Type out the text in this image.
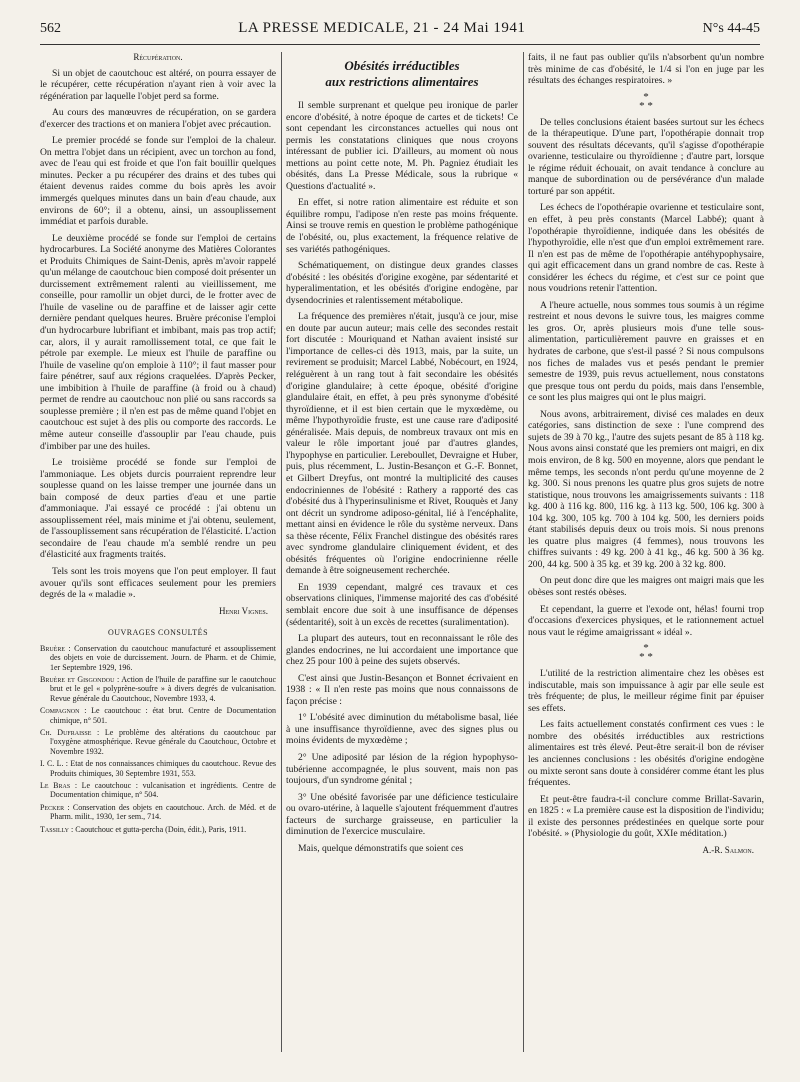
562	LA PRESSE MEDICALE, 21 - 24 Mai 1941	N°s 44-45
Récupération.

Si un objet de caoutchouc est altéré, on pourra essayer de le récupérer, cette récupération n'ayant rien à voir avec la régénération par laquelle l'objet perd sa forme.

Au cours des manœuvres de récupération, on se gardera d'exercer des tractions et on maniera l'objet avec précaution.

Le premier procédé se fonde sur l'emploi de la chaleur. On mettra l'objet dans un récipient, avec un torchon au fond, avec de l'eau qui est froide et que l'on fait bouillir quelques minutes. Pecker a pu récupérer des drains et des tubes qui étaient devenus raides comme du bois après les avoir immergés quelques minutes dans un bain d'eau chaude, aux environs de 60°; il a obtenu, ainsi, un assouplissement immédiat et parfois durable.

Le deuxième procédé se fonde sur l'emploi de certains hydrocarbures. La Société anonyme des Matières Colorantes et Produits Chimiques de Saint-Denis, après m'avoir rappelé qu'un mélange de caoutchouc bien composé doit présenter un durcissement extrêmement ralenti au vieillissement, me conseille, pour ramollir un objet durci, de le frotter avec de l'huile de vaseline ou de paraffine et de laisser agir cette dernière pendant quelques heures. Bruère préconise l'emploi d'un hydrocarbure lubrifiant et imbibant, mais pas trop actif; car, alors, il y aurait ramollissement total, ce que fait le pétrole par exemple. Le mieux est l'huile de paraffine ou l'huile de vaseline qu'on emploie à 110°; il faut masser pour faire pénétrer, sauf aux régions craquelées. D'après Pecker, une imbibition à l'huile de paraffine (à froid ou à chaud) permet de rendre au caoutchouc non plié ou sans raccords sa souplesse première ; il n'en est pas de même quand l'objet en caoutchouc est sujet à des plis ou comporte des raccords. Le même auteur conseille d'assouplir par l'eau chaude, puis d'imbiber par une des huiles.

Le troisième procédé se fonde sur l'emploi de l'ammoniaque. Les objets durcis pourraient reprendre leur souplesse quand on les laisse tremper une journée dans un bain composé de deux parties d'eau et une partie d'ammoniaque. J'ai essayé ce procédé : j'ai obtenu un assouplissement réel, mais minime et j'ai obtenu, seulement, de l'assouplissement sans récupération de l'élasticité. L'action secondaire de l'eau chaude m'a semblé rendre un peu d'élasticité aux fragments traités.

Tels sont les trois moyens que l'on peut employer. Il faut avouer qu'ils sont efficaces seulement pour les premiers degrés de la « maladie ».

Henri Vignes.
OUVRAGES CONSULTÉS
Bruère : Conservation du caoutchouc manufacturé et assouplissement des objets en voie de durcissement. Journ. de Pharm. et de Chimie, 1er Septembre 1929, 196.
Bruère et Gisgondou : Action de l'huile de paraffine sur le caoutchouc brut et le gel « polyprène-soufre » à divers degrés de vulcanisation. Revue générale du Caoutchouc, Novembre 1933, 4.
Compagnon : Le caoutchouc : état brut. Centre de Documentation chimique, n° 501.
Ch. Dufraisse : Le problème des altérations du caoutchouc par l'oxygène atmosphérique. Revue générale du Caoutchouc, Octobre et Novembre 1932.
I. C. L. : Etat de nos connaissances chimiques du caoutchouc. Revue des Produits chimiques, 30 Septembre 1931, 553.
Le Bras : Le caoutchouc : vulcanisation et ingrédients. Centre de Documentation chimique, n° 504.
Pecker : Conservation des objets en caoutchouc. Arch. de Méd. et de Pharm. milit., 1930, 1er sem., 714.
Tassilly : Caoutchouc et gutta-percha (Doin, édit.), Paris, 1911.
Obésités irréductibles
aux restrictions alimentaires

Il semble surprenant et quelque peu ironique de parler encore d'obésité, à notre époque de cartes et de tickets! Ce sont cependant les circonstances actuelles qui nous ont permis les constatations cliniques que nous croyons intéressant de publier ici. D'ailleurs, au moment où nous mettions au point cette note, M. Ph. Pagniez étudiait les obésités, dans La Presse Médicale, sous la rubrique « Questions d'actualité ».

En effet, si notre ration alimentaire est réduite et son équilibre rompu, l'adipose n'en reste pas moins fréquente. Ainsi se trouve remis en question le problème pathogénique de l'obésité, ou, plus exactement, la fréquence relative de ses variétés pathogéniques.

Schématiquement, on distingue deux grandes classes d'obésité : les obésités d'origine exogène, par sédentarité et hyperalimentation, et les obésités d'origine endogène, par dysendocrinies et ralentissement métabolique.

La fréquence des premières n'était, jusqu'à ce jour, mise en doute par aucun auteur; mais celle des secondes restait fort discutée : Mouriquand et Nathan avaient insisté sur l'importance de celles-ci dès 1913, mais, par la suite, un revirement se produisit; Marcel Labbé, Nobécourt, en 1924, reléguèrent à un rang tout à fait secondaire les obésités d'origine glandulaire; à cette époque, obésité d'origine glandulaire était, en effet, à peu près synonyme d'obésité thyroïdienne, et il est bien certain que le myxœdème, ou même l'hypothyroïdie fruste, est une cause rare d'adiposité généralisée. Mais depuis, de nombreux travaux ont mis en valeur le rôle important joué par d'autres glandes, l'hypophyse en particulier. Lereboullet, Devraigne et Huber, puis, plus récemment, L. Justin-Besançon et G.-F. Bonnet, et Gilbert Dreyfus, ont montré la multiplicité des causes endocriniennes de l'obésité : Rathery a rapporté des cas d'obésité dus à l'hyperinsulinisme et Rivet, Rouquès et Jany ont décrit un syndrome adiposo-génital, lié à l'encéphalite, mettant ainsi en évidence le rôle du système nerveux. Dans sa thèse récente, Félix Franchel distingue des obésités rares avec syndrome glandulaire cliniquement évident, et des obésités fréquentes où l'origine endocrinienne réelle demande à être soigneusement recherchée.

En 1939 cependant, malgré ces travaux et ces observations cliniques, l'immense majorité des cas d'obésité semblait encore due soit à une insuffisance de dépenses (sédentarité), soit à un excès de recettes (suralimentation).

La plupart des auteurs, tout en reconnaissant le rôle des glandes endocrines, ne lui accordaient une importance que chez 25 pour 100 à peine des sujets observés.

C'est ainsi que Justin-Besançon et Bonnet écrivaient en 1938 : « Il n'en reste pas moins que nous connaissons de façon précise :

1° L'obésité avec diminution du métabolisme basal, liée à une insuffisance thyroïdienne, avec des signes plus ou moins évidents de myxœdème ;

2° Une adiposité par lésion de la région hypophyso-tubérienne accompagnée, le plus souvent, mais non pas toujours, d'un syndrome génital ;

3° Une obésité favorisée par une déficience testiculaire ou ovaro-utérine, à laquelle s'ajoutent fréquemment d'autres facteurs de surcharge graisseuse, en particulier la diminution de l'exercice musculaire.

Mais, quelque démonstratifs que soient ces

faits, il ne faut pas oublier qu'ils n'absorbent qu'un nombre très minime de cas d'obésité, le 1/4 si l'on en juge par les résultats des échanges respiratoires. »

*
* *

De telles conclusions étaient basées surtout sur les échecs de la thérapeutique. D'une part, l'opothérapie donnait trop souvent des résultats décevants, qu'il s'agisse d'opothérapie ovarienne, testiculaire ou thyroïdienne ; d'autre part, lorsque le régime réduit échouait, on avait tendance à conclure au manque de subordination ou de persévérance d'un malade torturé par son appétit.

Les échecs de l'opothérapie ovarienne et testiculaire sont, en effet, à peu près constants (Marcel Labbé); quant à l'opothérapie thyroïdienne, indiquée dans les obésités de l'hypothyroïdie, elle n'est que d'un emploi extrêmement rare. Il n'en est pas de même de l'opothérapie antéhypophysaire, qui agit efficacement dans un grand nombre de cas. Reste à considérer les échecs du régime, et c'est sur ce point que nous voudrions retenir l'attention.

A l'heure actuelle, nous sommes tous soumis à un régime restreint et nous devons le suivre tous, les maigres comme les gros. Or, après plusieurs mois d'une telle sous-alimentation, particulièrement pauvre en graisses et en hydrates de carbone, que s'est-il passé ? Si nous compulsons nos fiches de malades vus et pesés pendant le premier semestre de 1939, puis revus actuellement, nous constatons que presque tous ont perdu du poids, mais dans l'ensemble, ce sont les plus maigres qui ont le plus maigri.

Nous avons, arbitrairement, divisé ces malades en deux catégories, sans distinction de sexe : l'une comprend des sujets de 39 à 70 kg., l'autre des sujets pesant de 85 à 118 kg. Nous avons ainsi constaté que les premiers ont maigri, en dix mois environ, de 8 kg. 500 en moyenne, alors que pendant le même temps, les seconds n'ont perdu qu'une moyenne de 2 kg. 300. Si nous prenons les quatre plus gros sujets de notre statistique, nous trouvons les amaigrissements suivants : 118 kg. 400 à 116 kg. 800, 116 kg. à 113 kg. 500, 106 kg. 300 à 104 kg. 300, 105 kg. 700 à 104 kg. 500, les derniers poids étant stabilisés depuis deux ou trois mois. Si nous prenons les quatre plus maigres (4 femmes), nous trouvons les chiffres suivants : 49 kg. 200 à 41 kg., 46 kg. 500 à 36 kg. 200, 44 kg. 500 à 35 kg. et 39 kg. 200 à 32 kg. 800.

On peut donc dire que les maigres ont maigri mais que les obèses sont restés obèses.

Et cependant, la guerre et l'exode ont, hélas! fourni trop d'occasions d'exercices physiques, et le rationnement actuel nous vaut le régime amaigrissant « idéal ».

*
* *

L'utilité de la restriction alimentaire chez les obèses est indiscutable, mais son impuissance à agir par elle seule est très fréquente; de plus, le meilleur régime finit par épuiser ses effets.

Les faits actuellement constatés confirment ces vues : le nombre des obésités irréductibles aux restrictions alimentaires est très élevé. Peut-être serait-il bon de réviser les anciennes conclusions : les obésités d'origine endogène ou mixte seront sans doute à considérer comme étant les plus fréquentes.

Et peut-être faudra-t-il conclure comme Brillat-Savarin, en 1825 : « La première cause est la disposition de l'individu; il existe des personnes prédestinées en quelque sorte pour l'obésité. » (Physiologie du goût, XXIe méditation.)

A.-R. Salmon.
